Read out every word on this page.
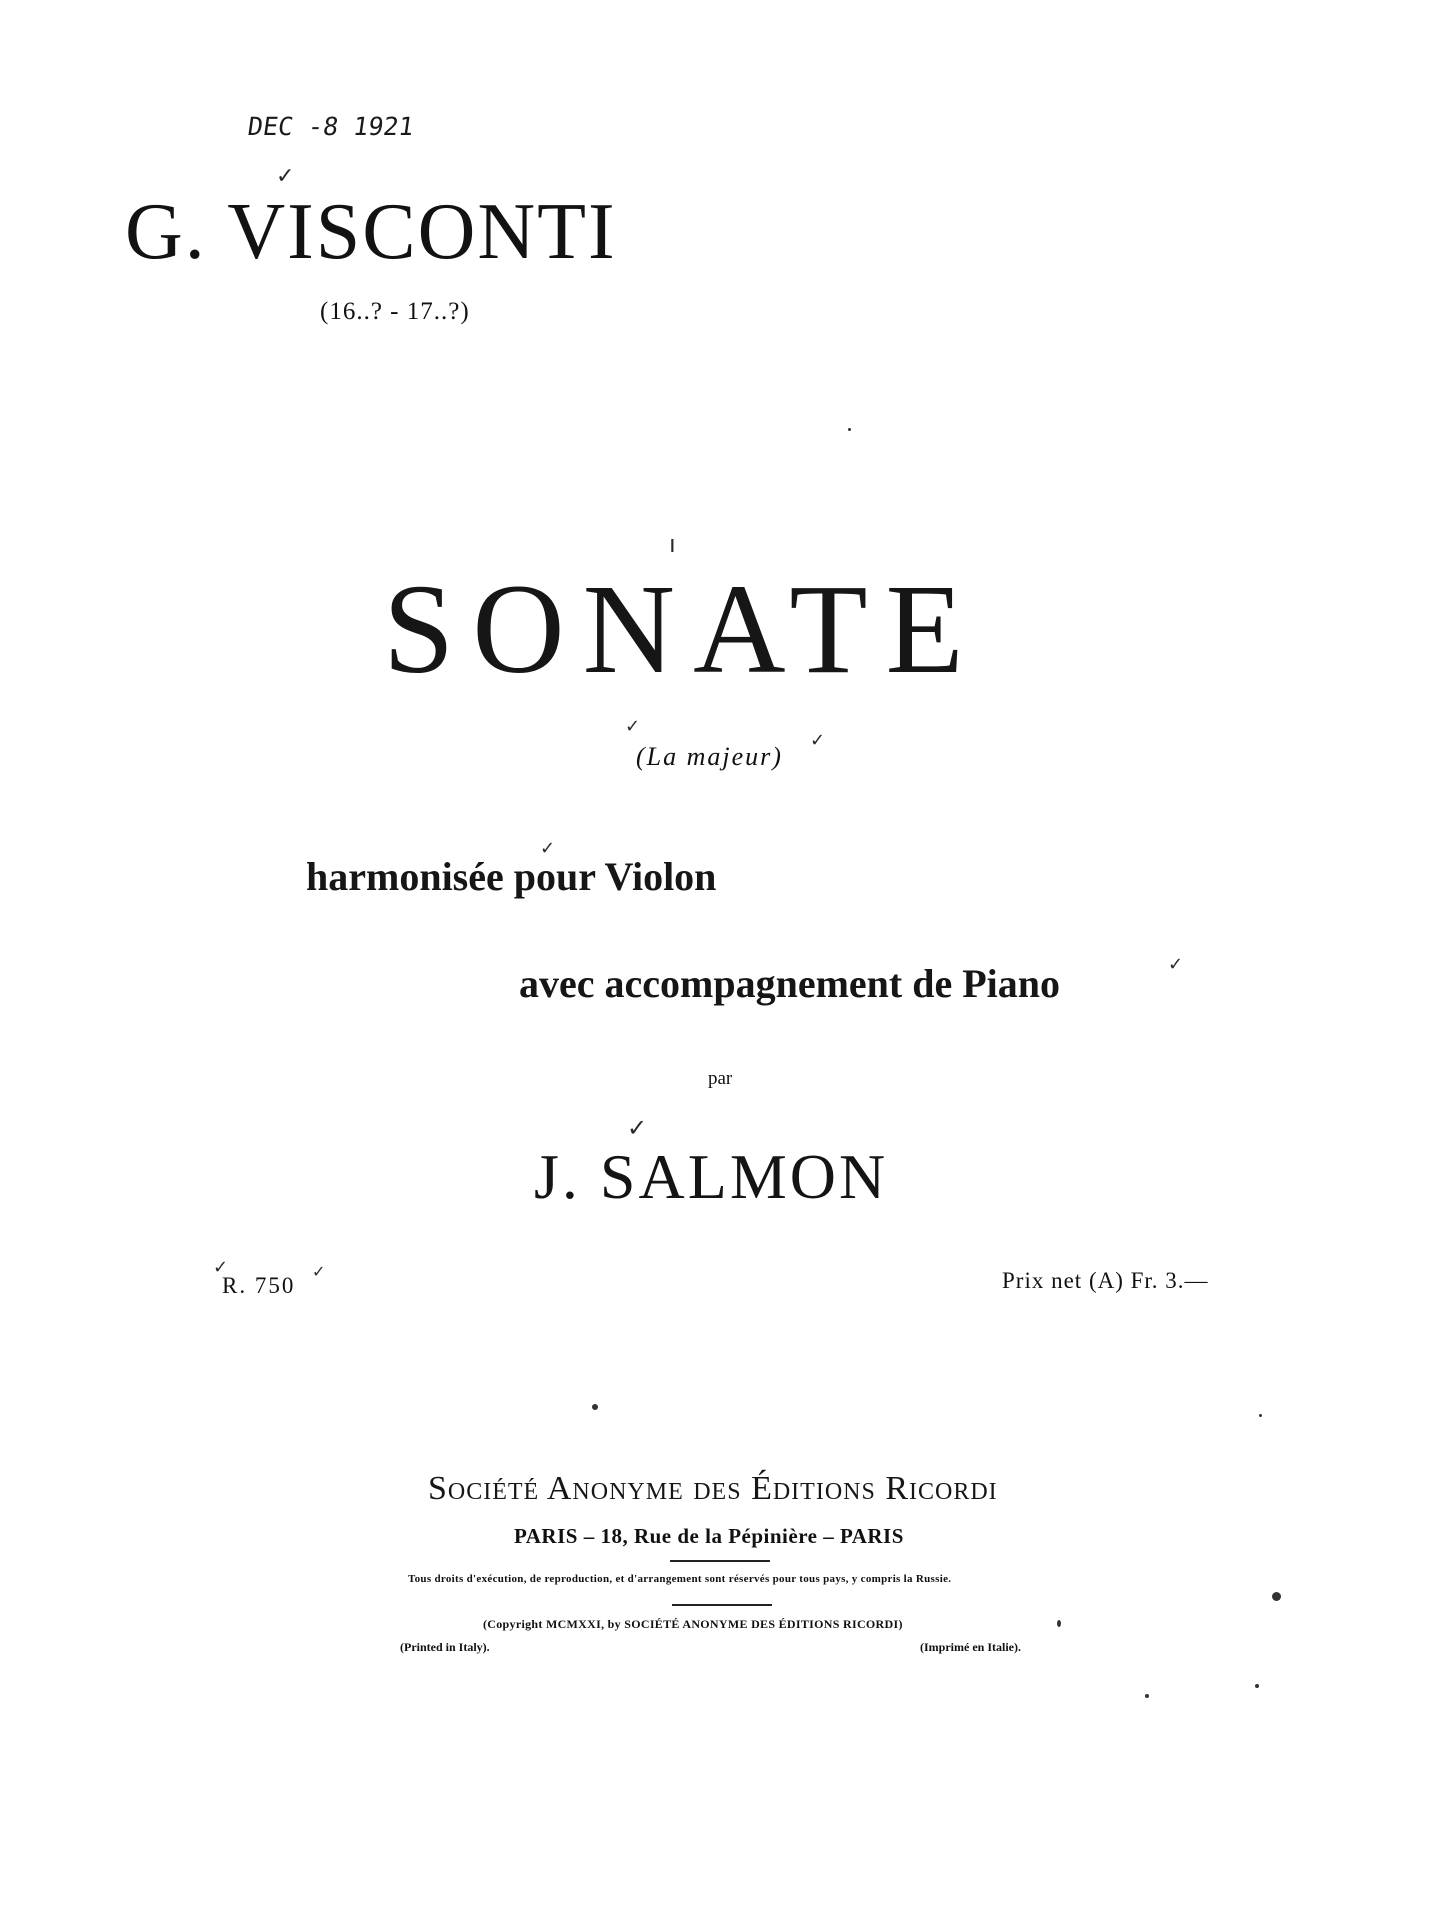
DEC -8 1921
G. VISCONTI
(16..? - 17..?)
SONATE
(La majeur)
harmonisée pour Violon
avec accompagnement de Piano
par
J. SALMON
R. 750	Prix net (A) Fr. 3.—
Société Anonyme des Éditions Ricordi
PARIS – 18, Rue de la Pépinière – PARIS
Tous droits d'exécution, de reproduction, et d'arrangement sont réservés pour tous pays, y compris la Russie.
(Copyright MCMXXI, by SOCIÉTÉ ANONYME DES ÉDITIONS RICORDI)
(Printed in Italy).	(Imprimé en Italie).
✓
✓
✓
✓
✓
✓
✓	✓
ı
